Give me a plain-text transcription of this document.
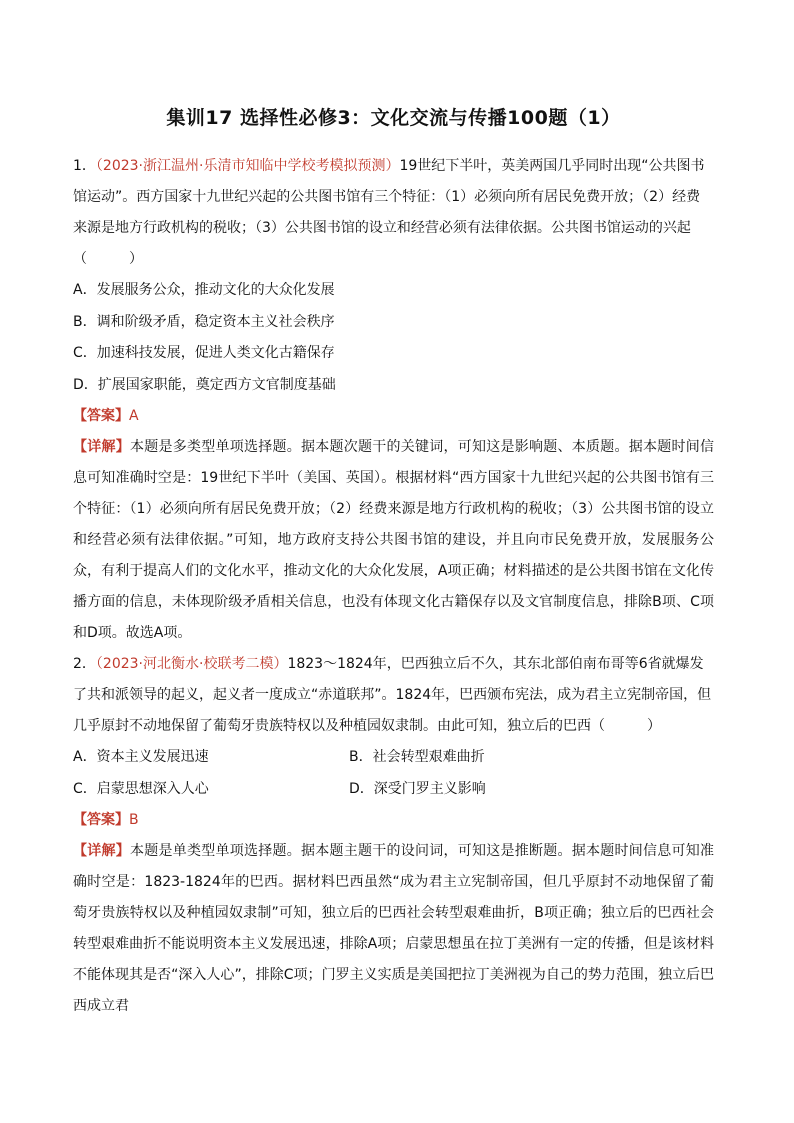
集训17 选择性必修3：文化交流与传播100题（1）

1．（2023·浙江温州·乐清市知临中学校考模拟预测）19世纪下半叶，英美两国几乎同时出现“公共图书馆运动”。西方国家十九世纪兴起的公共图书馆有三个特征：（1）必须向所有居民免费开放；（2）经费来源是地方行政机构的税收；（3）公共图书馆的设立和经营必须有法律依据。公共图书馆运动的兴起（　　　）

A．发展服务公众，推动文化的大众化发展

B．调和阶级矛盾，稳定资本主义社会秩序

C．加速科技发展，促进人类文化古籍保存

D．扩展国家职能，奠定西方文官制度基础

【答案】A

【详解】本题是多类型单项选择题。据本题次题干的关键词，可知这是影响题、本质题。据本题时间信息可知准确时空是：19世纪下半叶（美国、英国）。根据材料“西方国家十九世纪兴起的公共图书馆有三个特征：（1）必须向所有居民免费开放；（2）经费来源是地方行政机构的税收；（3）公共图书馆的设立和经营必须有法律依据。”可知，地方政府支持公共图书馆的建设，并且向市民免费开放，发展服务公众，有利于提高人们的文化水平，推动文化的大众化发展，A项正确；材料描述的是公共图书馆在文化传播方面的信息，未体现阶级矛盾相关信息，也没有体现文化古籍保存以及文官制度信息，排除B项、C项和D项。故选A项。

2．（2023·河北衡水·校联考二模）1823～1824年，巴西独立后不久，其东北部伯南布哥等6省就爆发了共和派领导的起义，起义者一度成立“赤道联邦”。1824年，巴西颁布宪法，成为君主立宪制帝国，但几乎原封不动地保留了葡萄牙贵族特权以及种植园奴隶制。由此可知，独立后的巴西（　　　）

A．资本主义发展迅速	B．社会转型艰难曲折
C．启蒙思想深入人心	D．深受门罗主义影响

【答案】B

【详解】本题是单类型单项选择题。据本题主题干的设问词，可知这是推断题。据本题时间信息可知准确时空是：1823-1824年的巴西。据材料巴西虽然“成为君主立宪制帝国，但几乎原封不动地保留了葡萄牙贵族特权以及种植园奴隶制”可知，独立后的巴西社会转型艰难曲折，B项正确；独立后的巴西社会转型艰难曲折不能说明资本主义发展迅速，排除A项；启蒙思想虽在拉丁美洲有一定的传播，但是该材料不能体现其是否“深入人心”，排除C项；门罗主义实质是美国把拉丁美洲视为自己的势力范围，独立后巴西成立君
